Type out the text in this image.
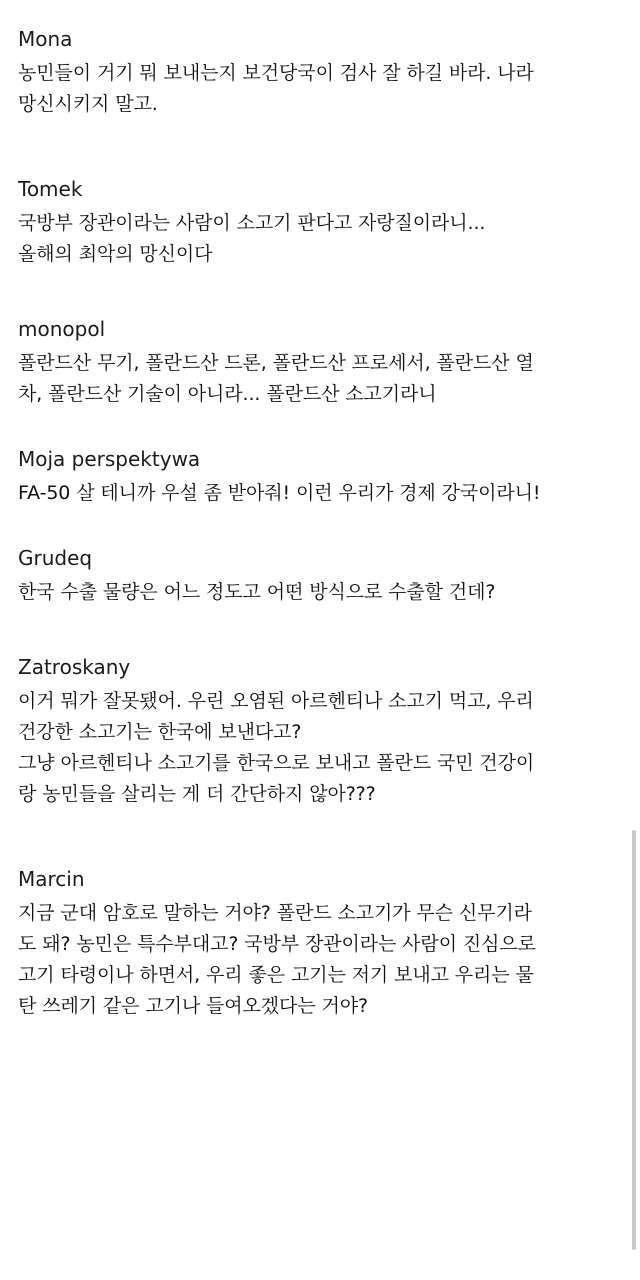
Mona

농민들이 거기 뭐 보내는지 보건당국이 검사 잘 하길 바라. 나라

망신시키지 말고.

Tomek

국방부 장관이라는 사람이 소고기 판다고 자랑질이라니...

올해의 최악의 망신이다

monopol

폴란드산 무기, 폴란드산 드론, 폴란드산 프로세서, 폴란드산 열

차, 폴란드산 기술이 아니라... 폴란드산 소고기라니

Moja perspektywa

FA-50 살 테니까 우설 좀 받아줘! 이런 우리가 경제 강국이라니!

Grudeq

한국 수출 물량은 어느 정도고 어떤 방식으로 수출할 건데?

Zatroskany

이거 뭐가 잘못됐어. 우린 오염된 아르헨티나 소고기 먹고, 우리

건강한 소고기는 한국에 보낸다고?

그냥 아르헨티나 소고기를 한국으로 보내고 폴란드 국민 건강이

랑 농민들을 살리는 게 더 간단하지 않아???

Marcin

지금 군대 암호로 말하는 거야? 폴란드 소고기가 무슨 신무기라

도 돼? 농민은 특수부대고? 국방부 장관이라는 사람이 진심으로

고기 타령이나 하면서, 우리 좋은 고기는 저기 보내고 우리는 물

탄 쓰레기 같은 고기나 들여오겠다는 거야?
